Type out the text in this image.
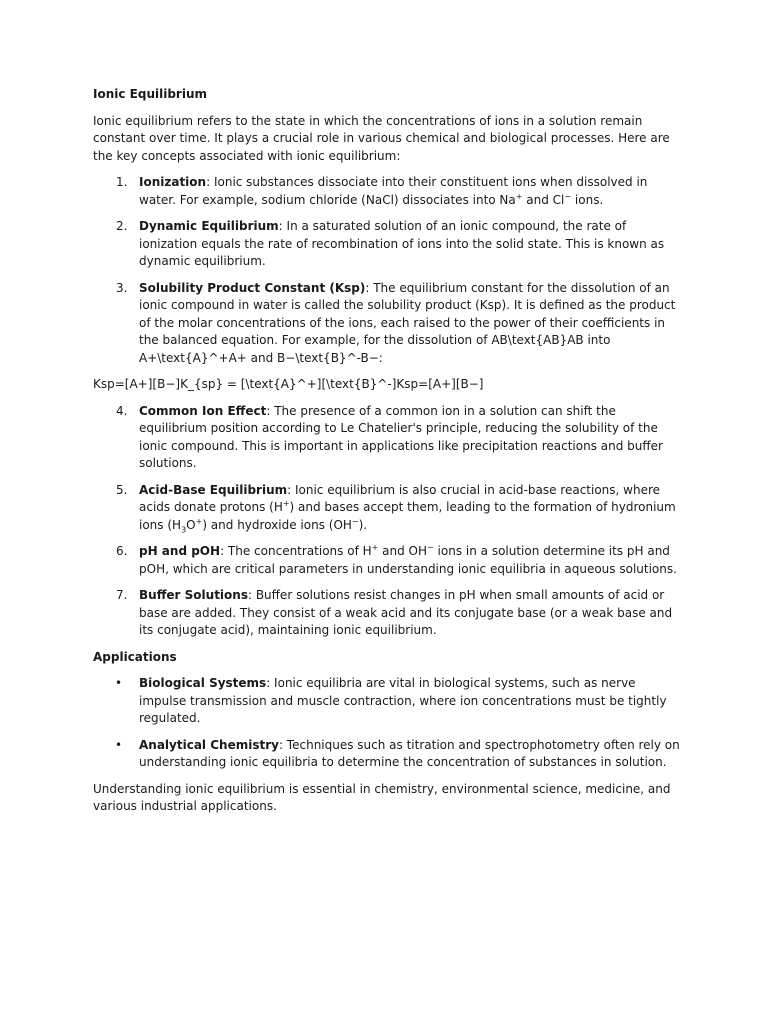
Ionic Equilibrium

Ionic equilibrium refers to the state in which the concentrations of ions in a solution remain constant over time. It plays a crucial role in various chemical and biological processes. Here are the key concepts associated with ionic equilibrium:

1. Ionization: Ionic substances dissociate into their constituent ions when dissolved in water. For example, sodium chloride (NaCl) dissociates into Na+ and Cl− ions.
2. Dynamic Equilibrium: In a saturated solution of an ionic compound, the rate of ionization equals the rate of recombination of ions into the solid state. This is known as dynamic equilibrium.
3. Solubility Product Constant (Ksp): The equilibrium constant for the dissolution of an ionic compound in water is called the solubility product (Ksp). It is defined as the product of the molar concentrations of the ions, each raised to the power of their coefficients in the balanced equation. For example, for the dissolution of AB\text{AB}AB into A+\text{A}^+A+ and B−\text{B}^-B−:

Ksp=[A+][B−]K_{sp} = [\text{A}^+][\text{B}^-]Ksp=[A+][B−]

4. Common Ion Effect: The presence of a common ion in a solution can shift the equilibrium position according to Le Chatelier's principle, reducing the solubility of the ionic compound. This is important in applications like precipitation reactions and buffer solutions.
5. Acid-Base Equilibrium: Ionic equilibrium is also crucial in acid-base reactions, where acids donate protons (H+) and bases accept them, leading to the formation of hydronium ions $(H_3O^+)$ and hydroxide ions (OH−).
6. pH and pOH: The concentrations of H+ and OH− ions in a solution determine its pH and pOH, which are critical parameters in understanding ionic equilibria in aqueous solutions.
7. Buffer Solutions: Buffer solutions resist changes in pH when small amounts of acid or base are added. They consist of a weak acid and its conjugate base (or a weak base and its conjugate acid), maintaining ionic equilibrium.

Applications

• Biological Systems: Ionic equilibria are vital in biological systems, such as nerve impulse transmission and muscle contraction, where ion concentrations must be tightly regulated.
• Analytical Chemistry: Techniques such as titration and spectrophotometry often rely on understanding ionic equilibria to determine the concentration of substances in solution.

Understanding ionic equilibrium is essential in chemistry, environmental science, medicine, and various industrial applications.
